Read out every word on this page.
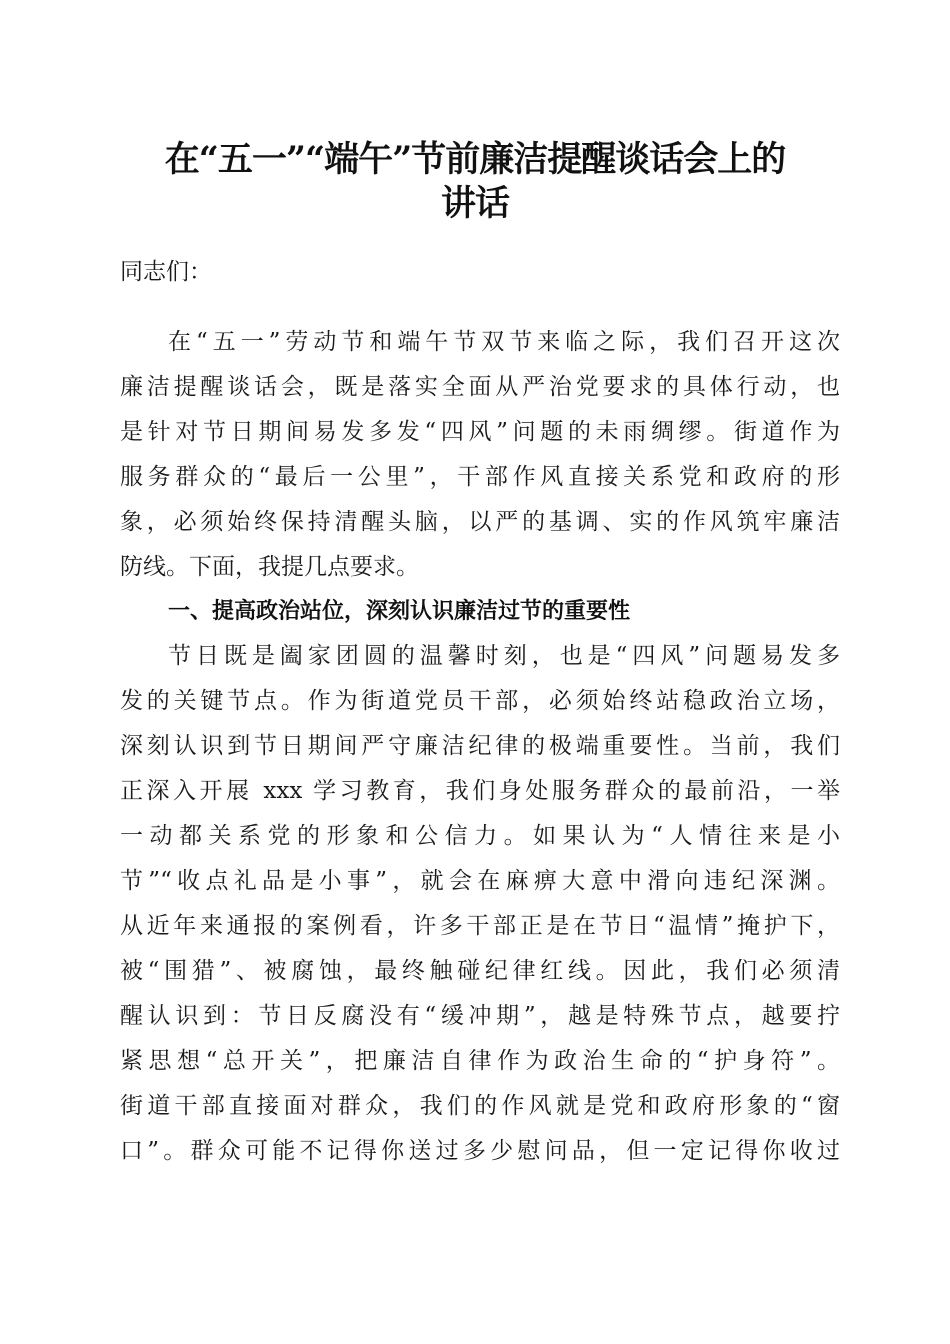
在“五一”“端午”节前廉洁提醒谈话会上的
讲话
同志们：
在“五一”劳动节和端午节双节来临之际，我们召开这次
廉洁提醒谈话会，既是落实全面从严治党要求的具体行动，也
是针对节日期间易发多发“四风”问题的未雨绸缪。街道作为
服务群众的“最后一公里”，干部作风直接关系党和政府的形
象，必须始终保持清醒头脑，以严的基调、实的作风筑牢廉洁
防线。下面，我提几点要求。
一、提高政治站位，深刻认识廉洁过节的重要性
节日既是阖家团圆的温馨时刻，也是“四风”问题易发多
发的关键节点。作为街道党员干部，必须始终站稳政治立场，
深刻认识到节日期间严守廉洁纪律的极端重要性。当前，我们
正深入开展 xxx 学习教育，我们身处服务群众的最前沿，一举
一动都关系党的形象和公信力。如果认为“人情往来是小
节”“收点礼品是小事”，就会在麻痹大意中滑向违纪深渊。
从近年来通报的案例看，许多干部正是在节日“温情”掩护下，
被“围猎”、被腐蚀，最终触碰纪律红线。因此，我们必须清
醒认识到：节日反腐没有“缓冲期”，越是特殊节点，越要拧
紧思想“总开关”，把廉洁自律作为政治生命的“护身符”。
街道干部直接面对群众，我们的作风就是党和政府形象的“窗
口”。群众可能不记得你送过多少慰问品，但一定记得你收过
